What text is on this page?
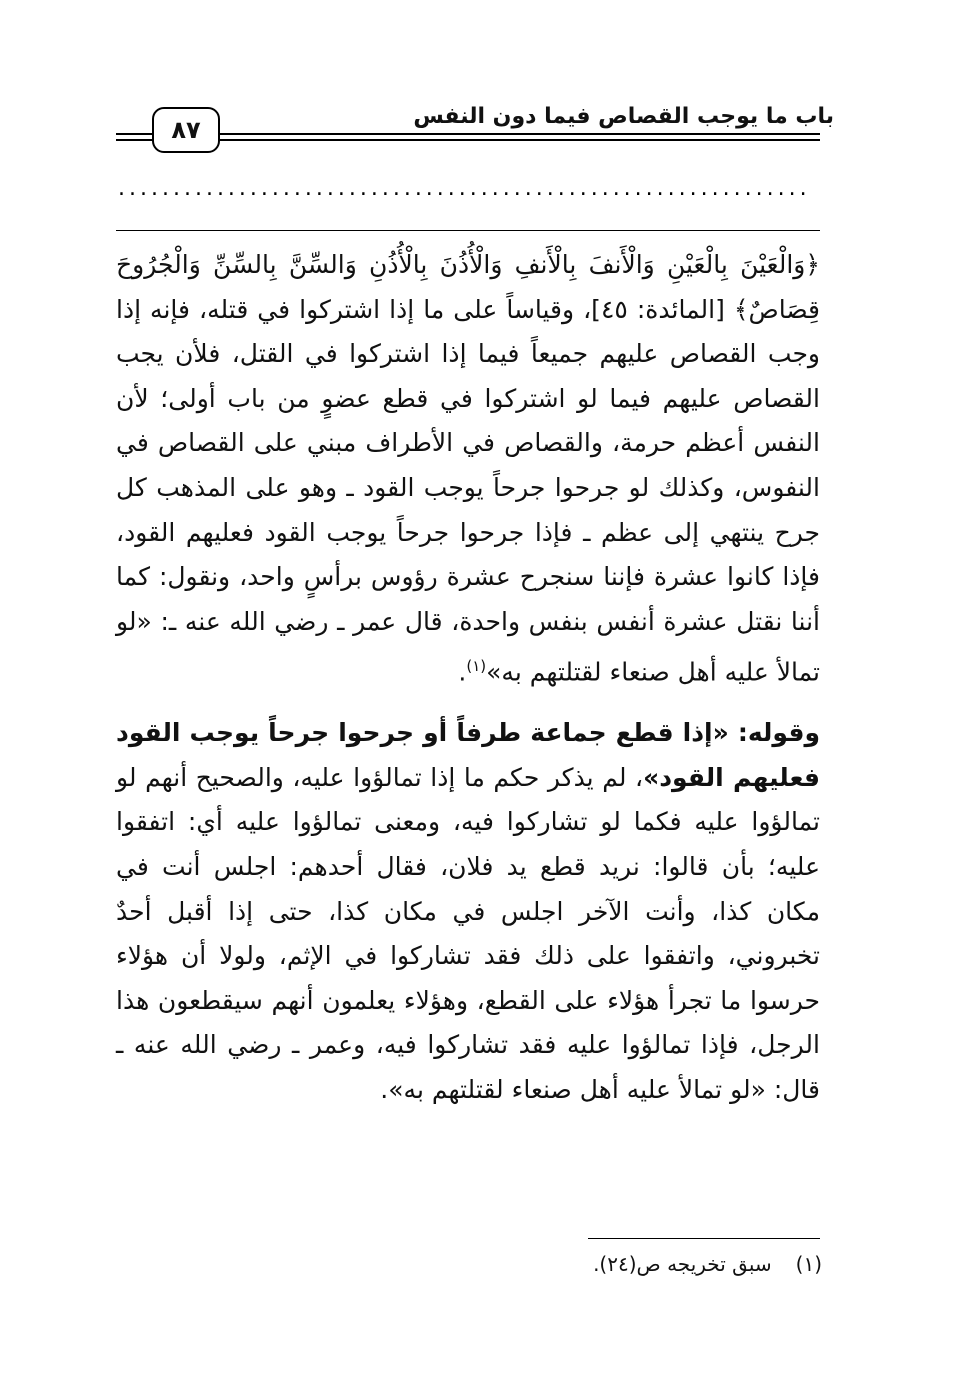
باب ما يوجب القصاص فيما دون النفس
٨٧
...............................................................

﴿وَالْعَيْنَ بِالْعَيْنِ وَالْأَنفَ بِالْأَنفِ وَالْأُذُنَ بِالْأُذُنِ وَالسِّنَّ بِالسِّنِّ وَالْجُرُوحَ قِصَاصٌ﴾ [المائدة: ٤٥]، وقياساً على ما إذا اشتركوا في قتله، فإنه إذا وجب القصاص عليهم جميعاً فيما إذا اشتركوا في القتل، فلأن يجب القصاص عليهم فيما لو اشتركوا في قطع عضوٍ من باب أولى؛ لأن النفس أعظم حرمة، والقصاص في الأطراف مبني على القصاص في النفوس، وكذلك لو جرحوا جرحاً يوجب القود ـ وهو على المذهب كل جرح ينتهي إلى عظم ـ فإذا جرحوا جرحاً يوجب القود فعليهم القود، فإذا كانوا عشرة فإننا سنجرح عشرة رؤوس برأسٍ واحد، ونقول: كما أننا نقتل عشرة أنفس بنفس واحدة، قال عمر ـ رضي الله عنه ـ: «لو تمالأ عليه أهل صنعاء لقتلتهم به»$^{(١)}$.

وقوله: «إذا قطع جماعة طرفاً أو جرحوا جرحاً يوجب القود فعليهم القود»، لم يذكر حكم ما إذا تمالؤوا عليه، والصحيح أنهم لو تمالؤوا عليه فكما لو تشاركوا فيه، ومعنى تمالؤوا عليه أي: اتفقوا عليه؛ بأن قالوا: نريد قطع يد فلان، فقال أحدهم: اجلس أنت في مكان كذا، وأنت الآخر اجلس في مكان كذا، حتى إذا أقبل أحدٌ تخبروني، واتفقوا على ذلك فقد تشاركوا في الإثم، ولولا أن هؤلاء حرسوا ما تجرأ هؤلاء على القطع، وهؤلاء يعلمون أنهم سيقطعون هذا الرجل، فإذا تمالؤوا عليه فقد تشاركوا فيه، وعمر ـ رضي الله عنه ـ قال: «لو تمالأ عليه أهل صنعاء لقتلتهم به».

(١)سبق تخريجه ص(٢٤).
